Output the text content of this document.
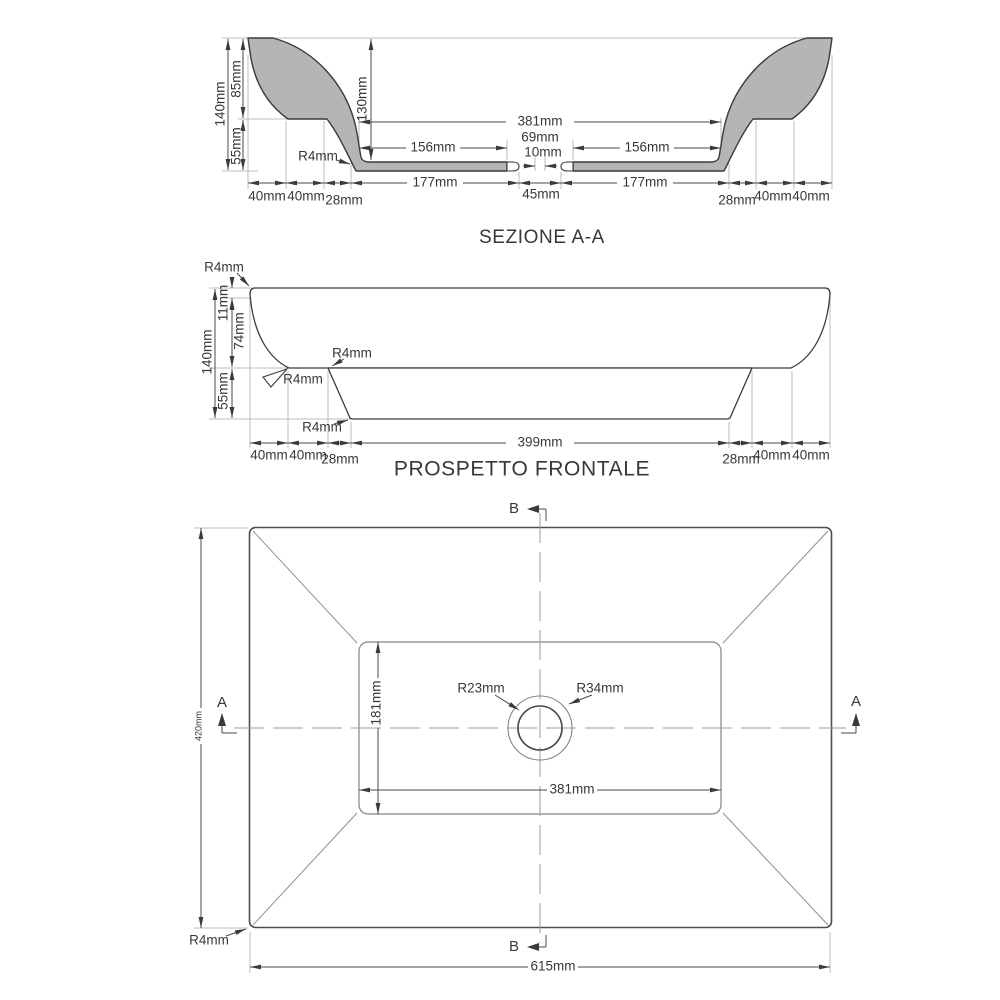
140mm
85mm
55mm
130mm
R4mm
381mm
69mm
10mm
156mm	156mm
177mm
45mm
177mm
40mm 40mm 28mm	28mm
40mm 40mm
SEZIONE A-A
R4mm
11mm
74mm
140mm
55mm
R4mm
R4mm
R4mm
399mm
40mm 40mm
28mm	28mm
40mm 40mm
PROSPETTO FRONTALE
420mm
615mm
381mm
181mm	R23mm	R34mm
R4mm
A	A
B
B
